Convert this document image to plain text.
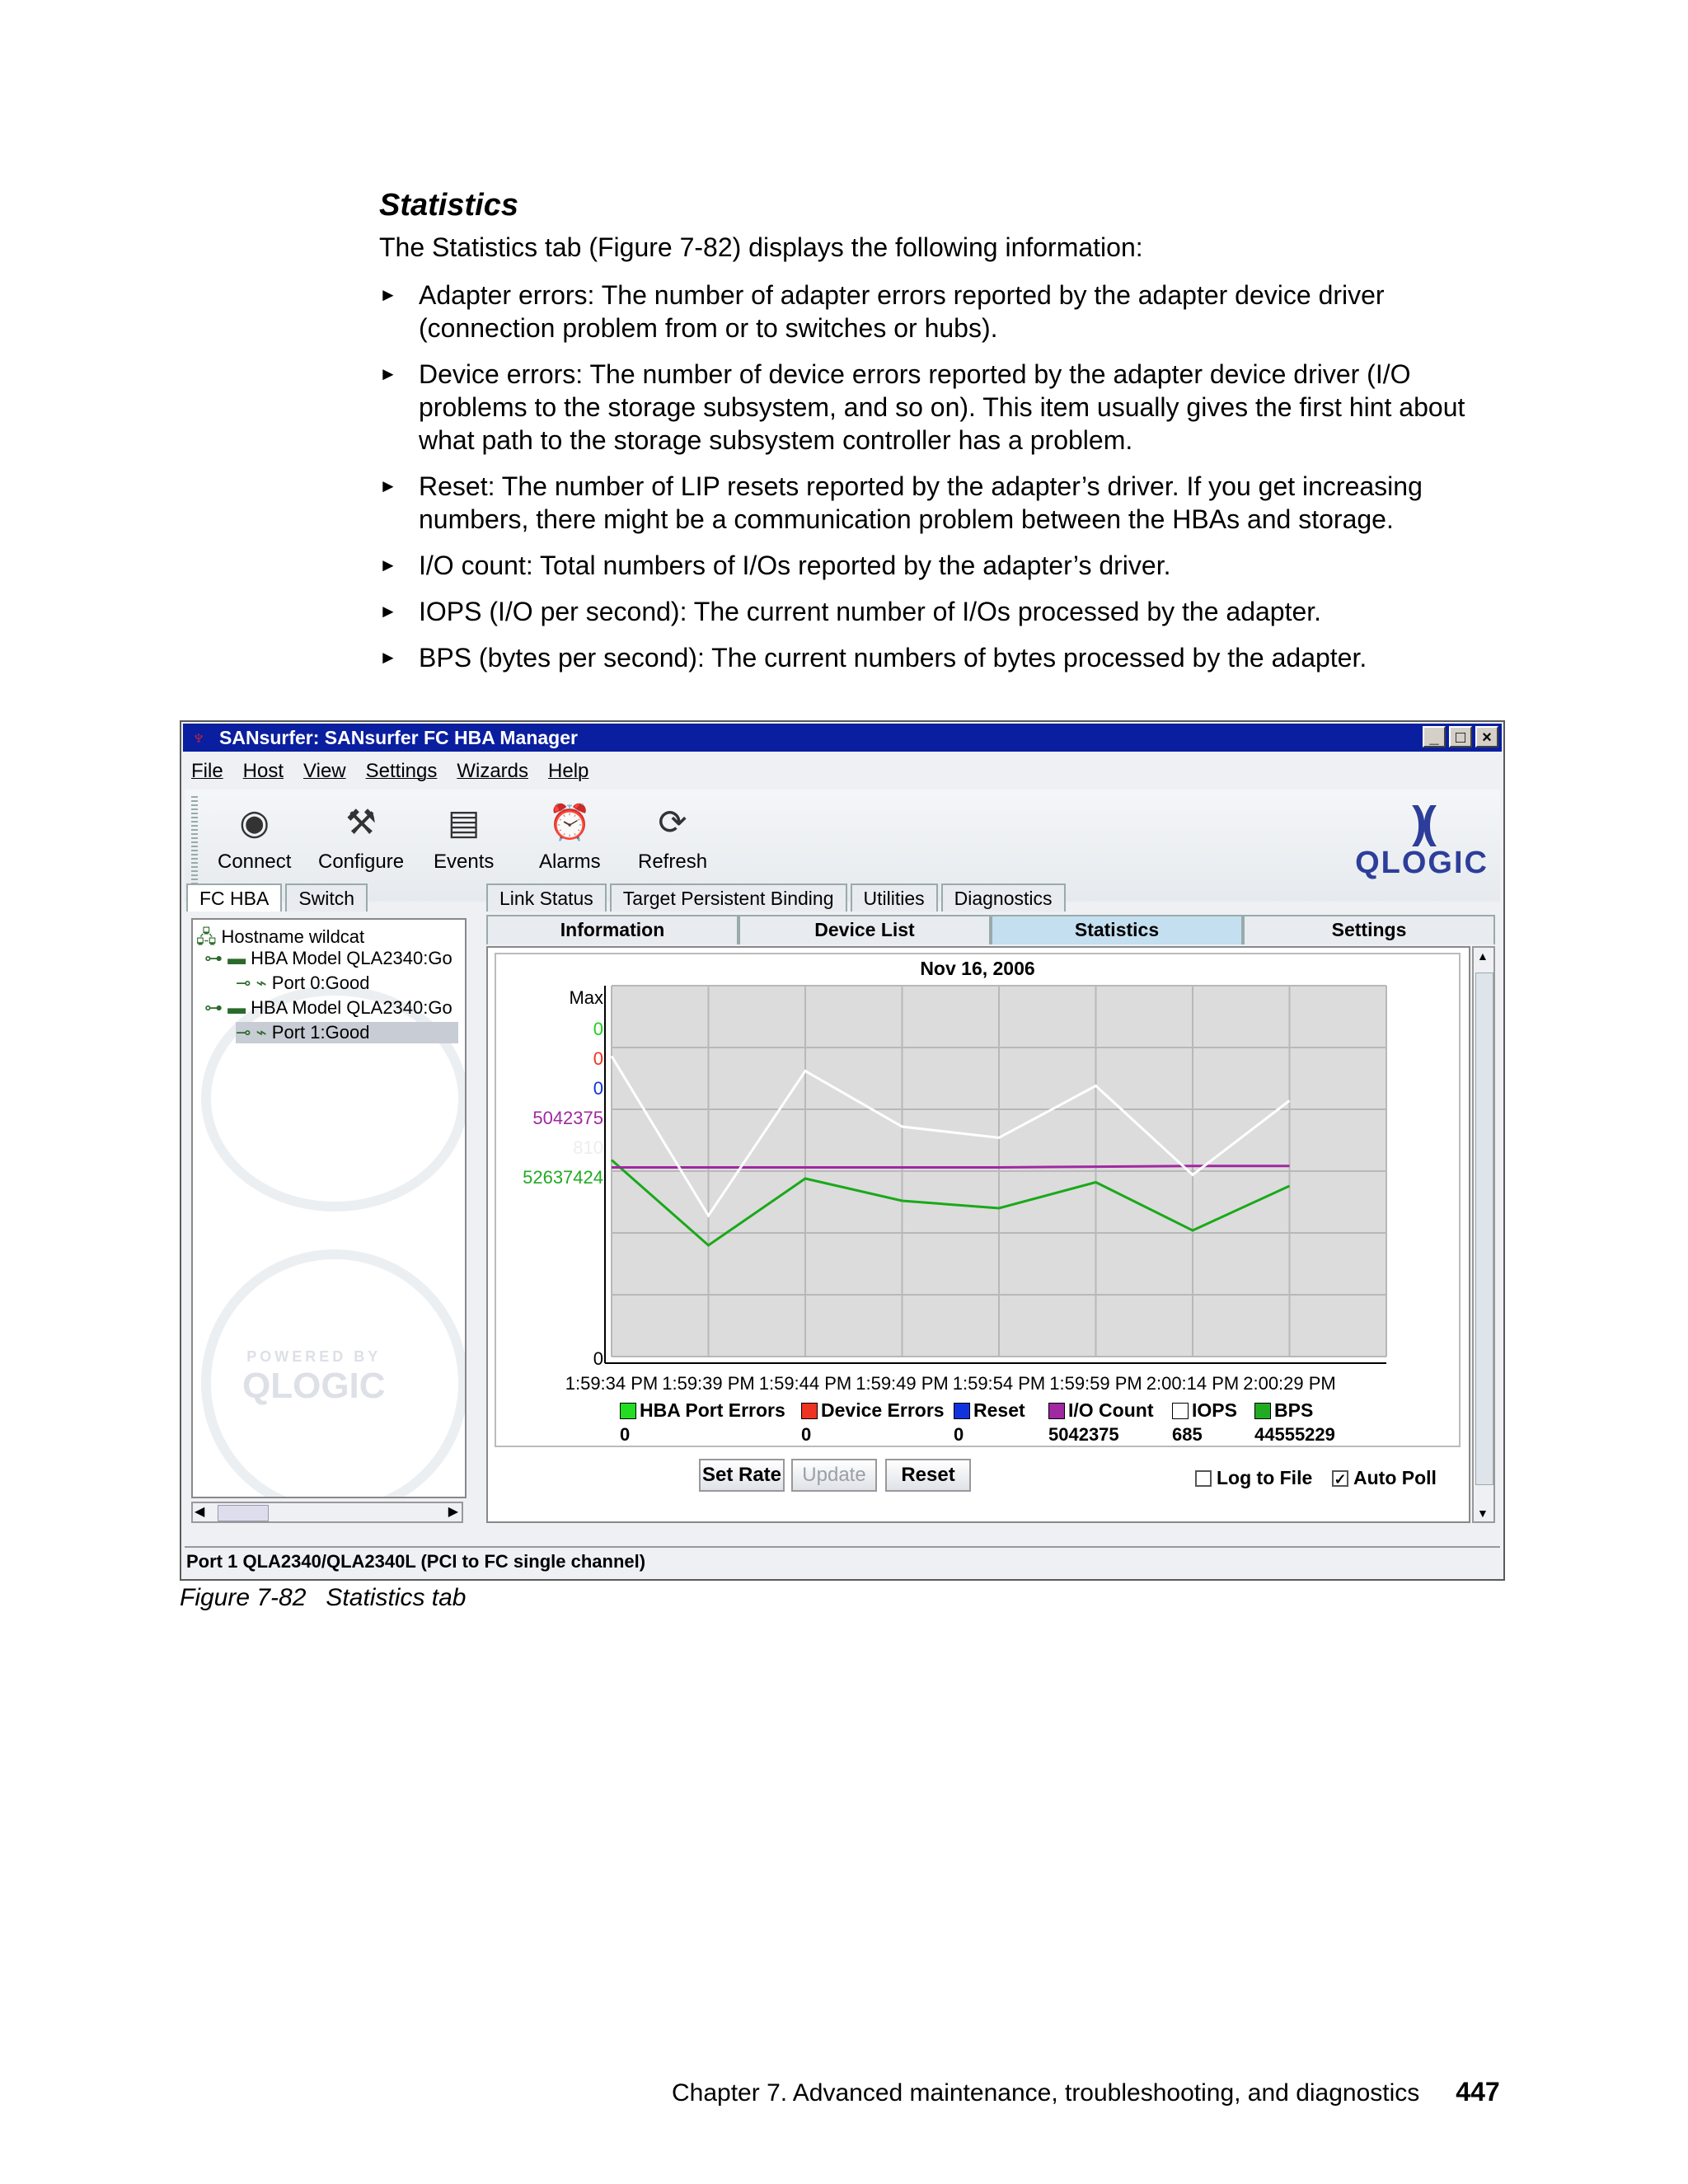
Statistics
The Statistics tab (Figure 7-82) displays the following information:
► Adapter errors: The number of adapter errors reported by the adapter device driver (connection problem from or to switches or hubs).
► Device errors: The number of device errors reported by the adapter device driver (I/O problems to the storage subsystem, and so on). This item usually gives the first hint about what path to the storage subsystem controller has a problem.
► Reset: The number of LIP resets reported by the adapter’s driver. If you get increasing numbers, there might be a communication problem between the HBAs and storage.
► I/O count: Total numbers of I/Os reported by the adapter’s driver.
► IOPS (I/O per second): The current number of I/Os processed by the adapter.
► BPS (bytes per second): The current numbers of bytes processed by the adapter.
♆ SANsurfer: SANsurfer FC HBA Manager	_	□	×
File Host View Settings Wizards Help
◉
Connect
⚒
Configure
▤
Events
⏰
Alarms
⟳
Refresh
)(
QLOGIC
FC HBA	Switch
POWERED BY
QLOGIC
🖧 Hostname wildcat
⊶ ▬ HBA Model QLA2340:Go
⊸ ⌁ Port 0:Good
⊶ ▬ HBA Model QLA2340:Go
⊸ ⌁ Port 1:Good
◀	▶
Link Status	Target Persistent Binding	Utilities	Diagnostics
Information	Device List	Statistics	Settings
Nov 16, 2006
Max
0
0
0
5042375
810
52637424
0
1:59:34 PM 1:59:39 PM 1:59:44 PM 1:59:49 PM 1:59:54 PM 1:59:59 PM 2:00:14 PM 2:00:29 PM
HBA Port Errors
0
Device Errors
0
Reset
0
I/O Count
5042375
IOPS
685
BPS
44555229
Set Rate	Update	Reset	Log to File ✓ Auto Poll
▲
▼
Port 1 QLA2340/QLA2340L (PCI to FC single channel)
Figure 7-82 Statistics tab
Chapter 7. Advanced maintenance, troubleshooting, and diagnostics 447
